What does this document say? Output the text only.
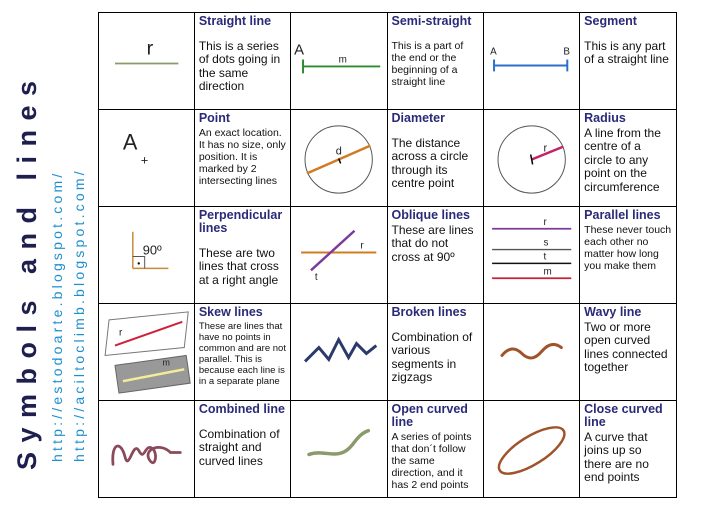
Symbols and lines http://estodoarte.blogspot.com/ http://aciltoclimb.blogspot.com/
r
Straight line
This is a series of dots going in the same direction
A
m
Semi-straight
This is a part of the end or the beginning of a straight line
A	B
Segment
This is any part of a straight line
A
+
Point
An exact location. It has no size, only position. It is marked by 2 intersecting lines
d
Diameter
The distance across a circle through its centre point
r
Radius
A line from the centre of a circle to any point on the circumference
90º
Perpendicular lines
These are two lines that cross at a right angle
r
t
Oblique lines
These are lines that do not cross at 90º
r
s
t
m
Parallel lines
These never touch each other no matter how long you make them
r
m
Skew lines
These are lines that have no points in common and are not parallel. This is because each line is in a separate plane
Broken lines
Combination of various segments in zigzags
Wavy line
Two or more open curved lines connected together
Combined line
Combination of straight and curved lines
Open curved line
A series of points that don´t follow the same direction, and it has 2 end points
Close curved line
A curve that joins up so there are no end points
